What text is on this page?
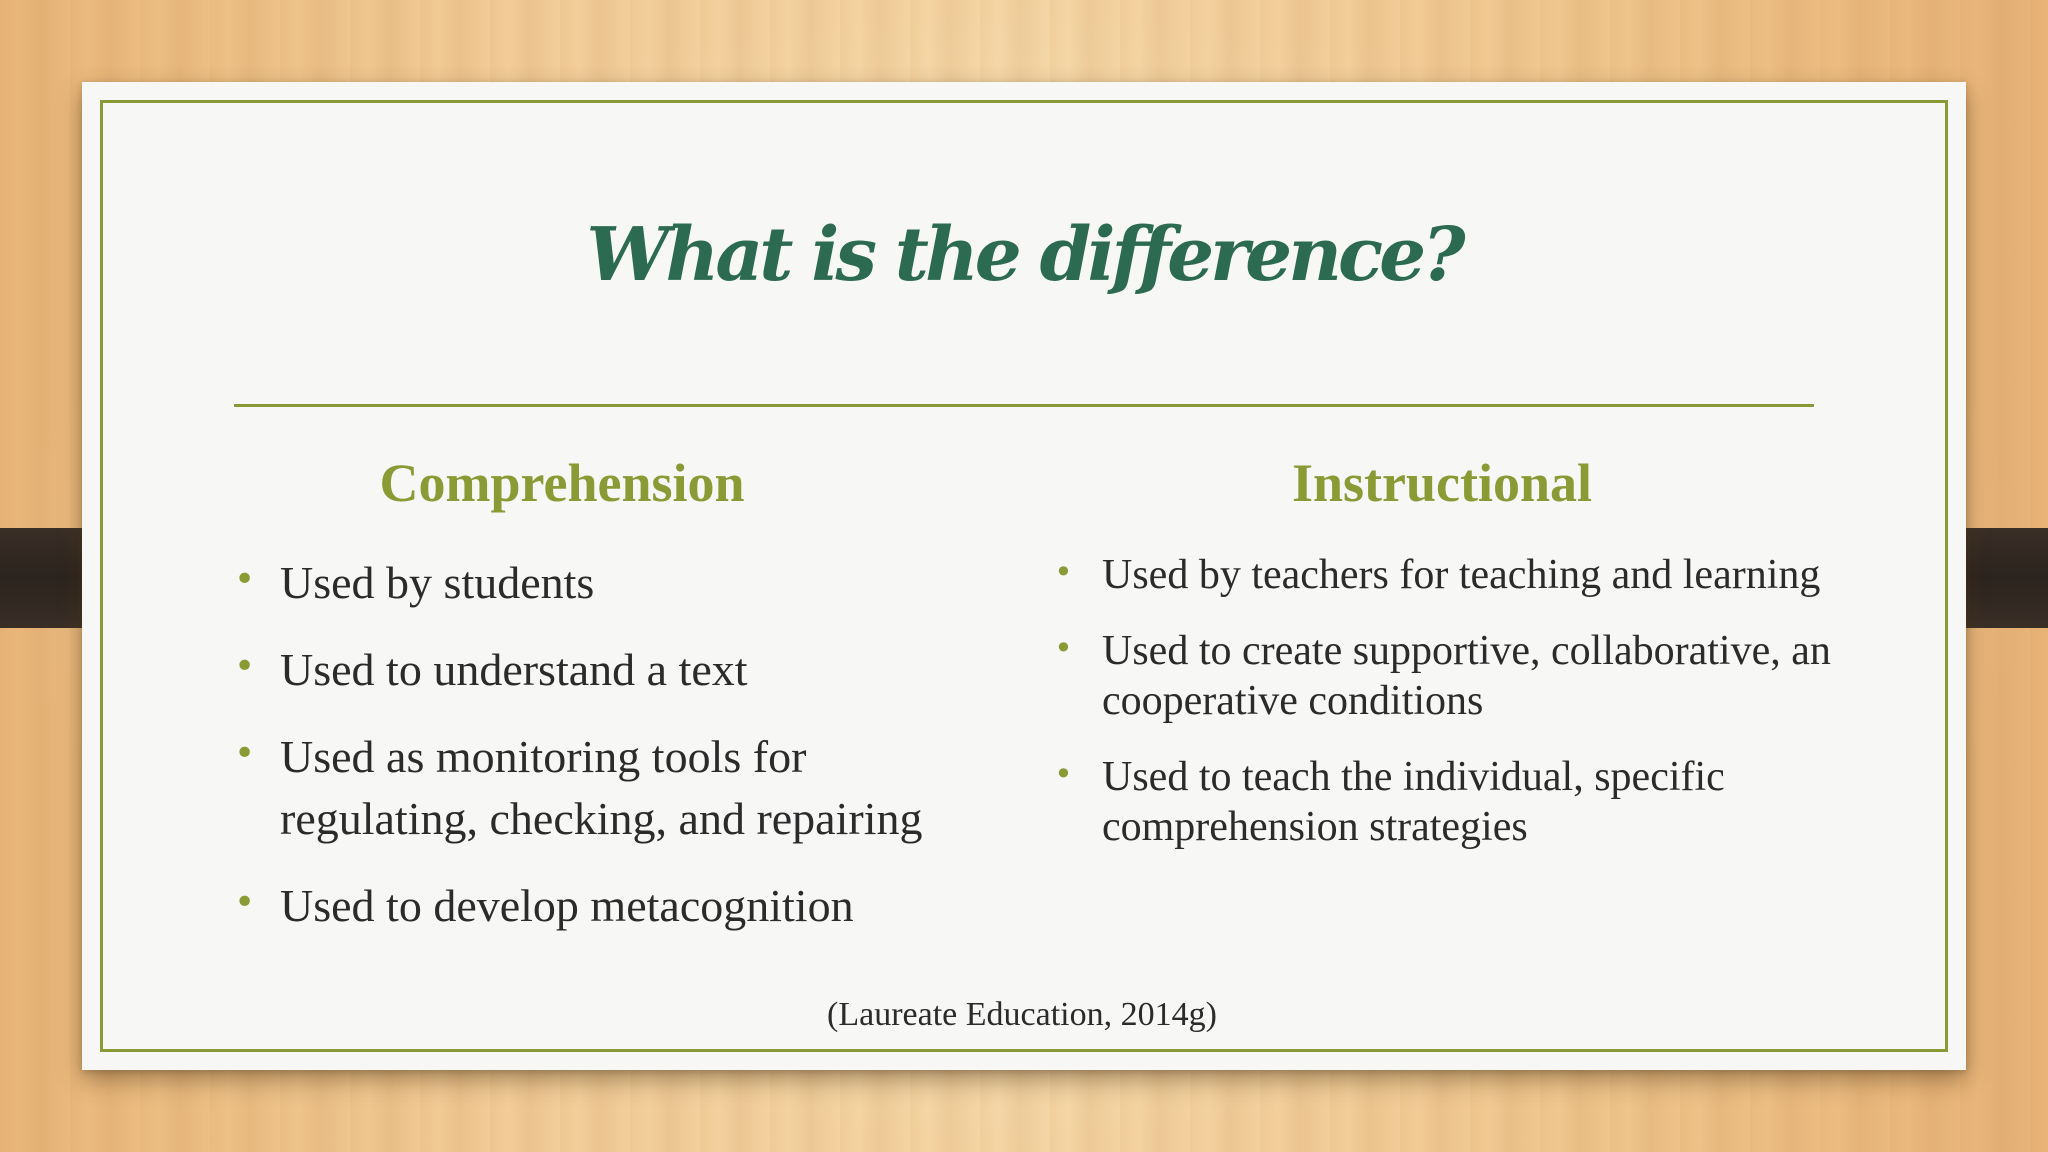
What is the difference?
Comprehension	Instructional
• Used by students
• Used to understand a text
• Used as monitoring tools for regulating, checking, and repairing
• Used to develop metacognition
• Used by teachers for teaching and learning
• Used to create supportive, collaborative, an cooperative conditions
• Used to teach the individual, specific comprehension strategies
(Laureate Education, 2014g)
